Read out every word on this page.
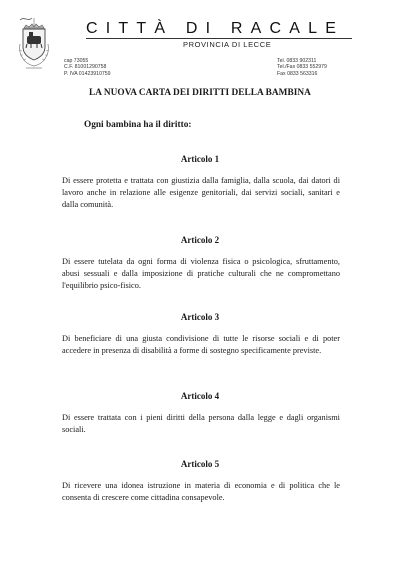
CITTÀ DI RACALE
PROVINCIA DI LECCE
cap 73055
C.F. 81001290758
P. IVA 01423910759
Tel. 0833 902311
Tel./Fax 0833 552979
Fax 0833 563316
LA NUOVA CARTA DEI DIRITTI DELLA BAMBINA
Ogni bambina ha il diritto:
Articolo 1
Di essere protetta e trattata con giustizia dalla famiglia, dalla scuola, dai datori di lavoro anche in relazione alle esigenze genitoriali, dai servizi sociali, sanitari e dalla comunità.
Articolo 2
Di essere tutelata da ogni forma di violenza fisica o psicologica, sfruttamento, abusi sessuali e dalla imposizione di pratiche culturali che ne compromettano l'equilibrio psico-fisico.
Articolo 3
Di beneficiare di una giusta condivisione di tutte le risorse sociali e di poter accedere in presenza di disabilità a forme di sostegno specificamente previste.
Articolo 4
Di essere trattata con i pieni diritti della persona dalla legge e dagli organismi sociali.
Articolo 5
Di ricevere una idonea istruzione in materia di economia e di politica che le consenta di crescere come cittadina consapevole.
